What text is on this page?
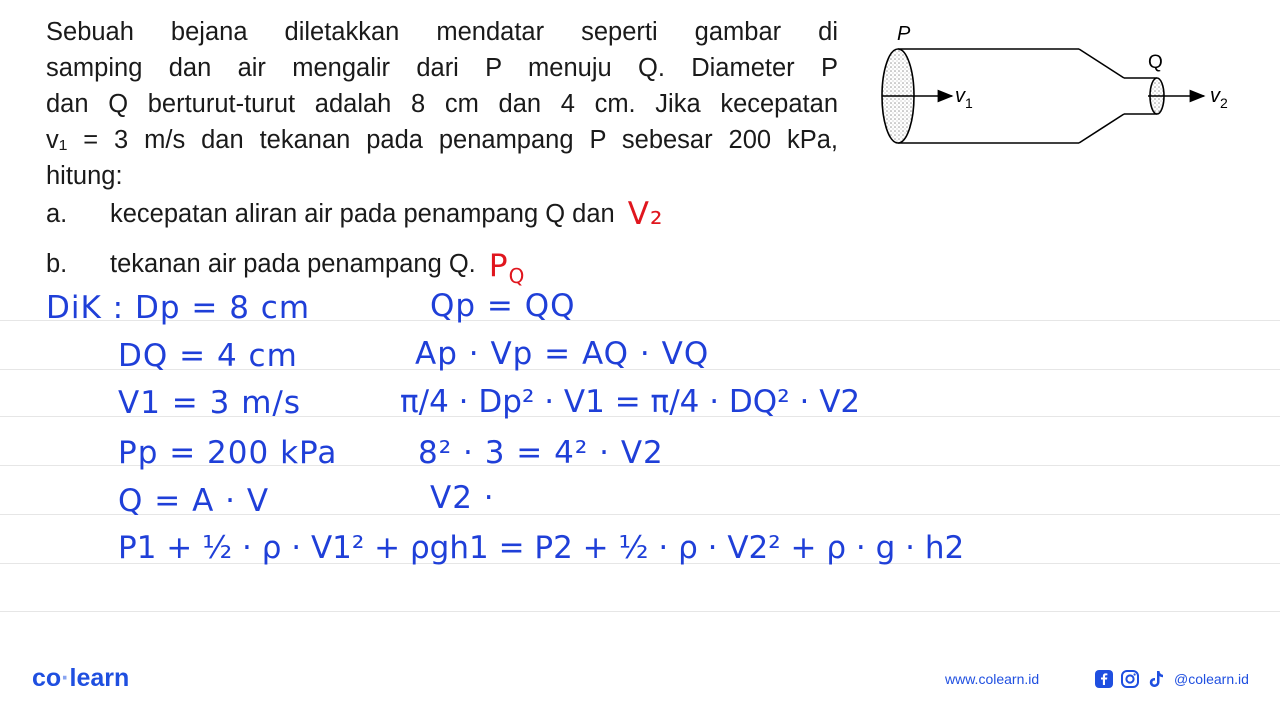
Sebuah bejana diletakkan mendatar seperti gambar di
samping dan air mengalir dari P menuju Q. Diameter P
dan Q berturut-turut adalah 8 cm dan 4 cm. Jika kecepatan
v₁ = 3 m/s dan tekanan pada penampang P sebesar 200 kPa,
hitung:
a. kecepatan aliran air pada penampang Q dan V₂
b. tekanan air pada penampang Q. $P_Q$
P
Q
$v_1$	$v_2$
DiK : Dp = 8 cm
DQ = 4 cm
V1 = 3 m/s
Pp = 200 kPa
Q = A · V
P1 + ½ · ρ · V1² + ρgh1 = P2 + ½ · ρ · V2² + ρ · g · h2
Qp = QQ
Ap · Vp = AQ · VQ
π/4 · Dp² · V1 = π/4 · DQ² · V2
8² · 3 = 4² · V2
V2 ·
co·learn	www.colearn.id	@colearn.id
